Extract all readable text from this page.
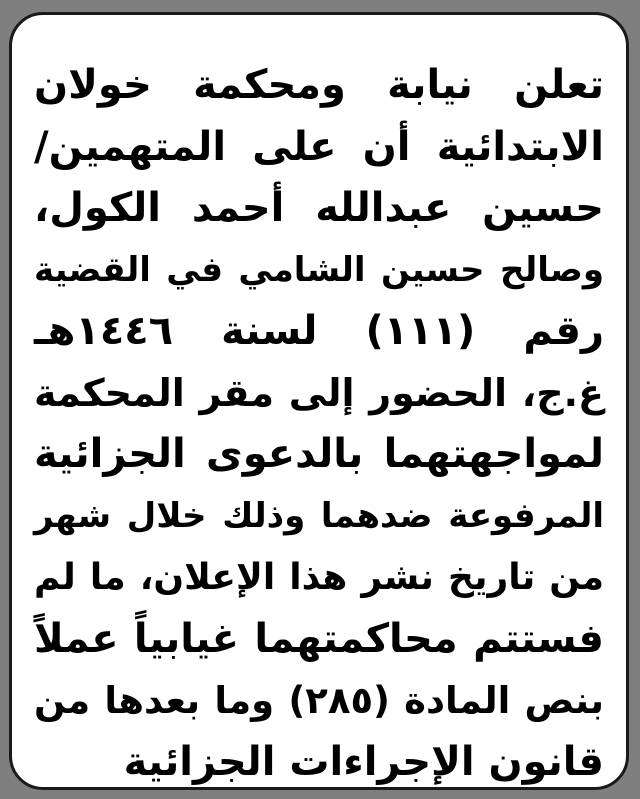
تعلن نيابة ومحكمة خولان
الابتدائية أن على المتهمين/
حسين عبدالله أحمد الكول،
وصالح حسين الشامي في القضية
رقم (١١١) لسنة ١٤٤٦هـ
غ.ج، الحضور إلى مقر المحكمة
لمواجهتهما بالدعوى الجزائية
المرفوعة ضدهما وذلك خلال شهر
من تاريخ نشر هذا الإعلان، ما لم
فستتم محاكمتهما غيابياً عملاً
بنص المادة (٢٨٥) وما بعدها من
قانون الإجراءات الجزائية
